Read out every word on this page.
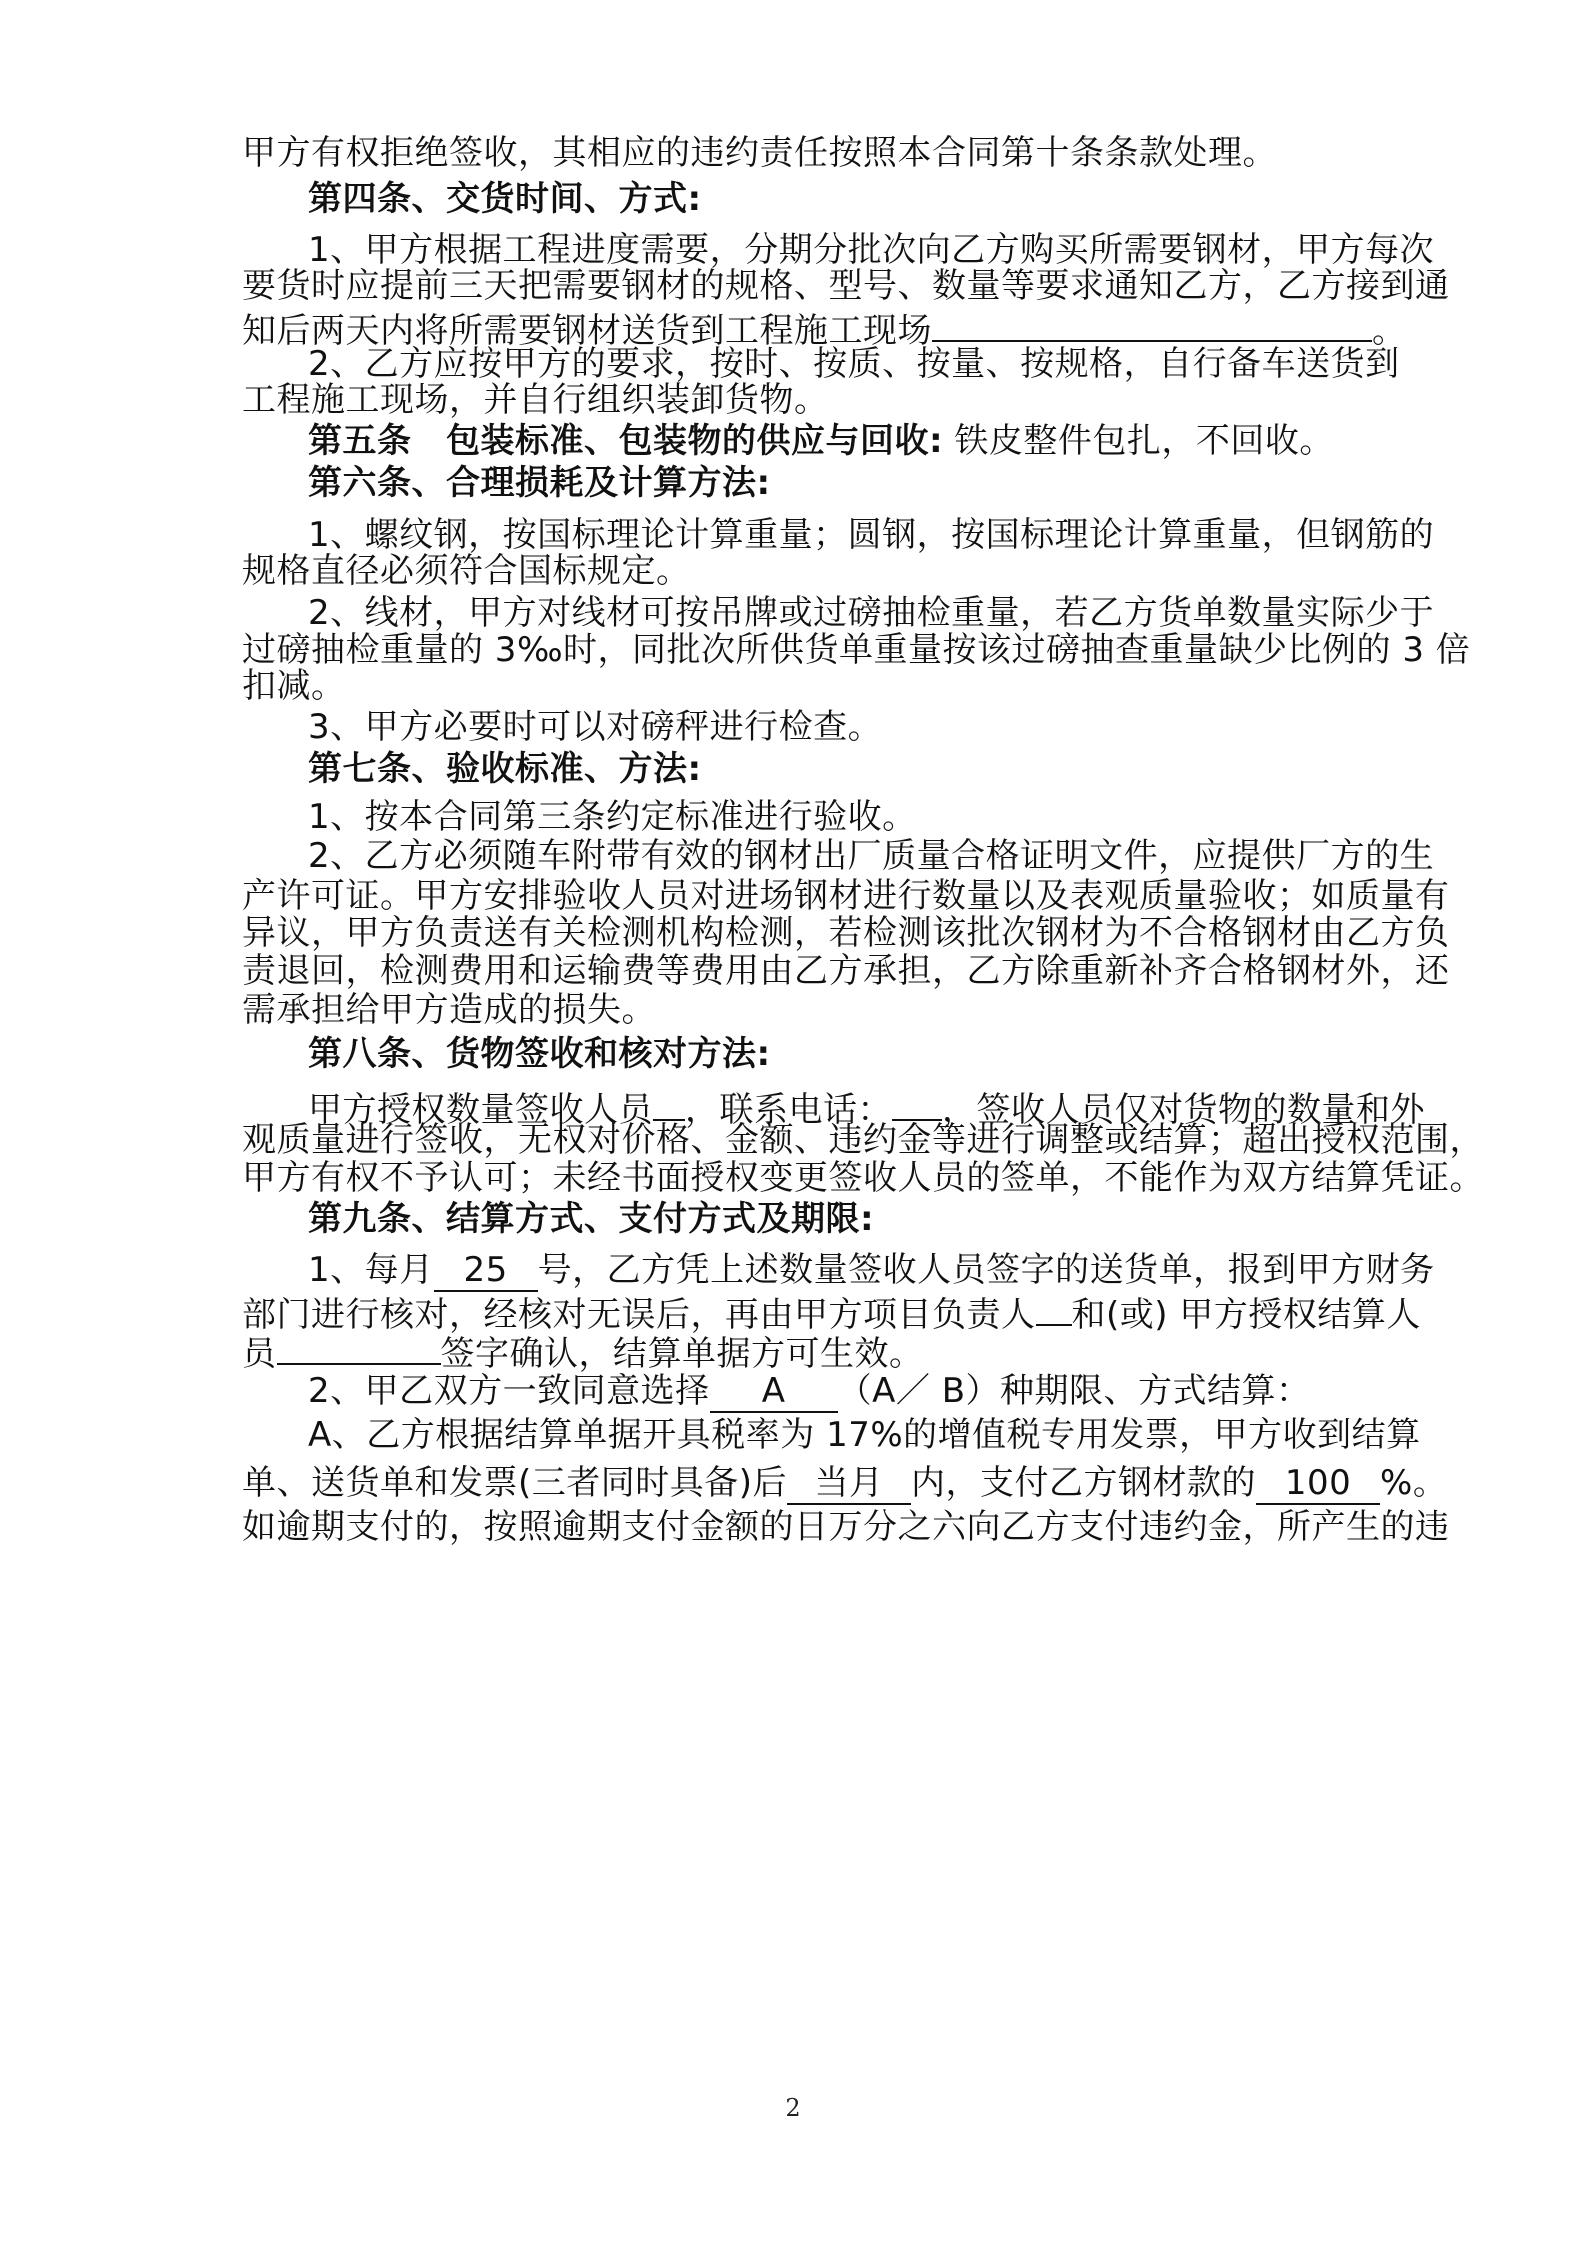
甲方有权拒绝签收，其相应的违约责任按照本合同第十条条款处理。
第四条、交货时间、方式:
1、甲方根据工程进度需要，分期分批次向乙方购买所需要钢材，甲方每次
要货时应提前三天把需要钢材的规格、型号、数量等要求通知乙方，乙方接到通
知后两天内将所需要钢材送货到工程施工现场	。
2、乙方应按甲方的要求，按时、按质、按量、按规格，自行备车送货到
工程施工现场，并自行组织装卸货物。
第五条　包装标准、包装物的供应与回收: 铁皮整件包扎，不回收。
第六条、合理损耗及计算方法:
1、螺纹钢，按国标理论计算重量；圆钢，按国标理论计算重量，但钢筋的
规格直径必须符合国标规定。
2、线材，甲方对线材可按吊牌或过磅抽检重量，若乙方货单数量实际少于
过磅抽检重量的 3‰时，同批次所供货单重量按该过磅抽查重量缺少比例的 3 倍
扣减。
3、甲方必要时可以对磅秤进行检查。
第七条、验收标准、方法:
1、按本合同第三条约定标准进行验收。
2、乙方必须随车附带有效的钢材出厂质量合格证明文件，应提供厂方的生
产许可证。甲方安排验收人员对进场钢材进行数量以及表观质量验收；如质量有
异议，甲方负责送有关检测机构检测，若检测该批次钢材为不合格钢材由乙方负
责退回，检测费用和运输费等费用由乙方承担，乙方除重新补齐合格钢材外，还
需承担给甲方造成的损失。
第八条、货物签收和核对方法:
甲方授权数量签收人员 ，联系电话： ，签收人员仅对货物的数量和外
观质量进行签收，无权对价格、金额、违约金等进行调整或结算；超出授权范围，
甲方有权不予认可；未经书面授权变更签收人员的签单，不能作为双方结算凭证。
第九条、结算方式、支付方式及期限:
1、每月 25 号，乙方凭上述数量签收人员签字的送货单，报到甲方财务
部门进行核对，经核对无误后，再由甲方项目负责人 和(或) 甲方授权结算人
员	签字确认，结算单据方可生效。
2、甲乙双方一致同意选择 A （A／ B）种期限、方式结算：
A、乙方根据结算单据开具税率为 17%的增值税专用发票，甲方收到结算
单、送货单和发票(三者同时具备)后 当月 内，支付乙方钢材款的 100 %。
如逾期支付的，按照逾期支付金额的日万分之六向乙方支付违约金，所产生的违
2
